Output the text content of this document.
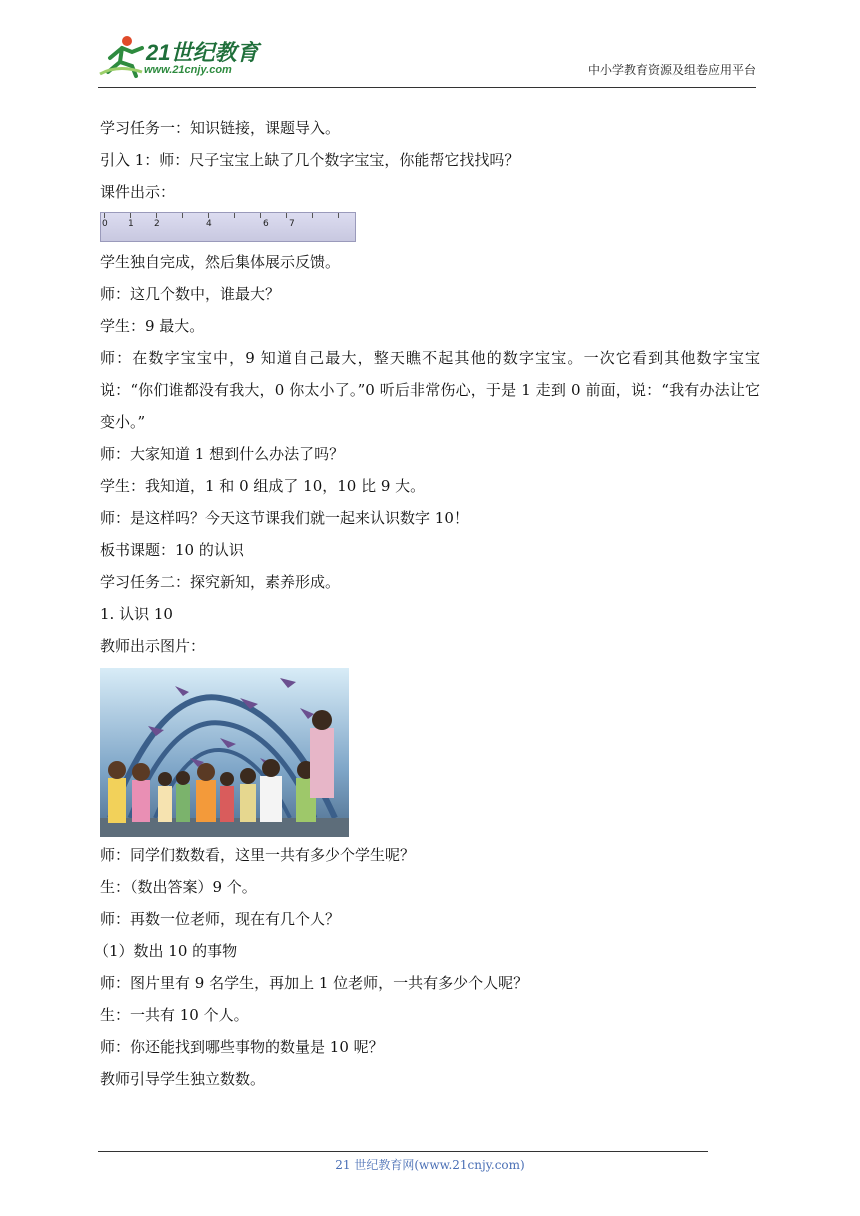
21世纪教育
www.21cnjy.com	中小学教育资源及组卷应用平台

学习任务一：知识链接，课题导入。

引入 1：师：尺子宝宝上缺了几个数字宝宝，你能帮它找找吗？

课件出示：

0 1 2	4	6 7

学生独自完成，然后集体展示反馈。

师：这几个数中，谁最大？

学生：9 最大。

师：在数字宝宝中，9 知道自己最大，整天瞧不起其他的数字宝宝。一次它看到其他数字宝宝说：“你们谁都没有我大，0 你太小了。”0 听后非常伤心，于是 1 走到 0 前面，说：“我有办法让它变小。”

师：大家知道 1 想到什么办法了吗？

学生：我知道，1 和 0 组成了 10，10 比 9 大。

师：是这样吗？今天这节课我们就一起来认识数字 10！

板书课题：10 的认识

学习任务二：探究新知，素养形成。

1. 认识 10

教师出示图片：

师：同学们数数看，这里一共有多少个学生呢？

生：（数出答案）9 个。

师：再数一位老师，现在有几个人？

（1）数出 10 的事物

师：图片里有 9 名学生，再加上 1 位老师，一共有多少个人呢？

生：一共有 10 个人。

师：你还能找到哪些事物的数量是 10 呢？

教师引导学生独立数数。

21 世纪教育网(www.21cnjy.com)
